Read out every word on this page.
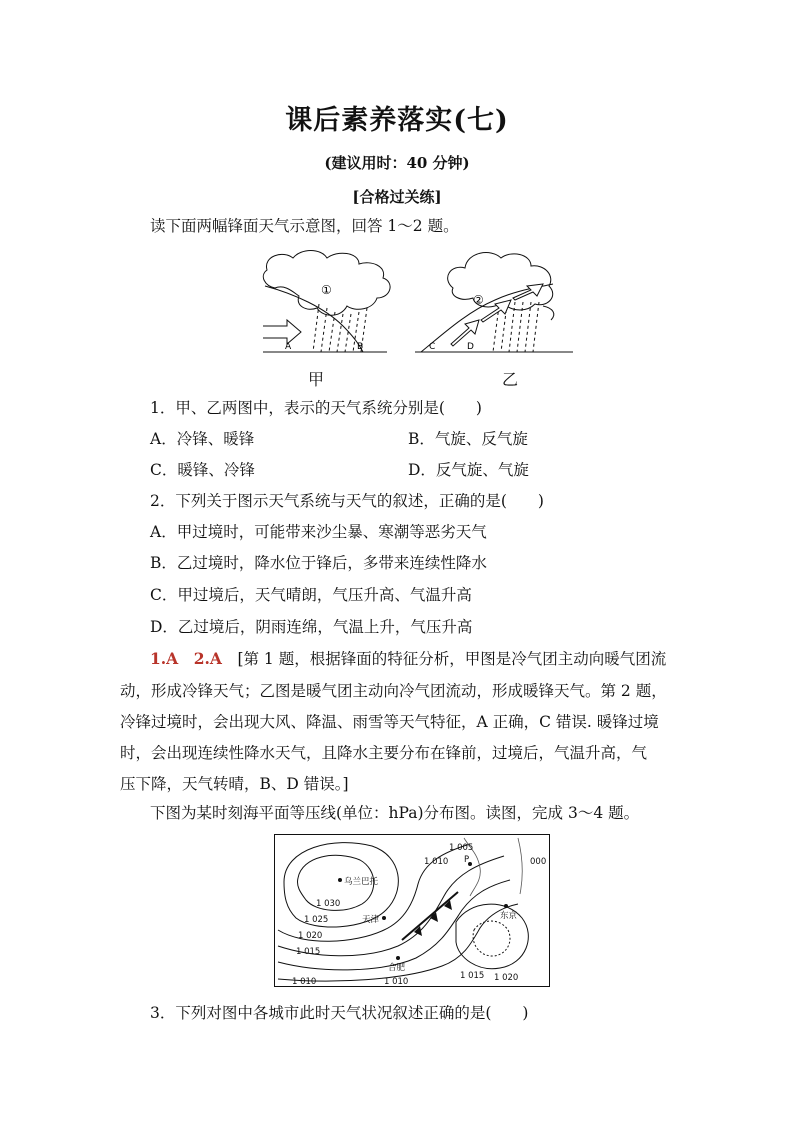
课后素养落实(七)
(建议用时：40 分钟)
[合格过关练]
读下面两幅锋面天气示意图，回答 1～2 题。
①
A	B
②
C	D
甲	乙
1．甲、乙两图中，表示的天气系统分别是(　　)
A．冷锋、暖锋	B．气旋、反气旋
C．暖锋、冷锋	D．反气旋、气旋
2．下列关于图示天气系统与天气的叙述，正确的是(　　)
A．甲过境时，可能带来沙尘暴、寒潮等恶劣天气
B．乙过境时，降水位于锋后，多带来连续性降水
C．甲过境后，天气晴朗，气压升高、气温升高
D．乙过境后，阴雨连绵，气温上升，气压升高
1.A　2.A　 [第 1 题，根据锋面的特征分析，甲图是冷气团主动向暖气团流
动，形成冷锋天气；乙图是暖气团主动向冷气团流动，形成暖锋天气。第 2 题，
冷锋过境时，会出现大风、降温、雨雪等天气特征，A 正确，C 错误. 暖锋过境
时，会出现连续性降水天气，且降水主要分布在锋前，过境后，气温升高，气
压下降，天气转晴，B、D 错误。]
下图为某时刻海平面等压线(单位：hPa)分布图。读图，完成 3～4 题。
乌兰巴托
天津
合肥
东京
P
1 005
1 010	000
1 030
1 025
1 020
1 015
1 010	1 010
1 015 1 020
3．下列对图中各城市此时天气状况叙述正确的是(　　)
